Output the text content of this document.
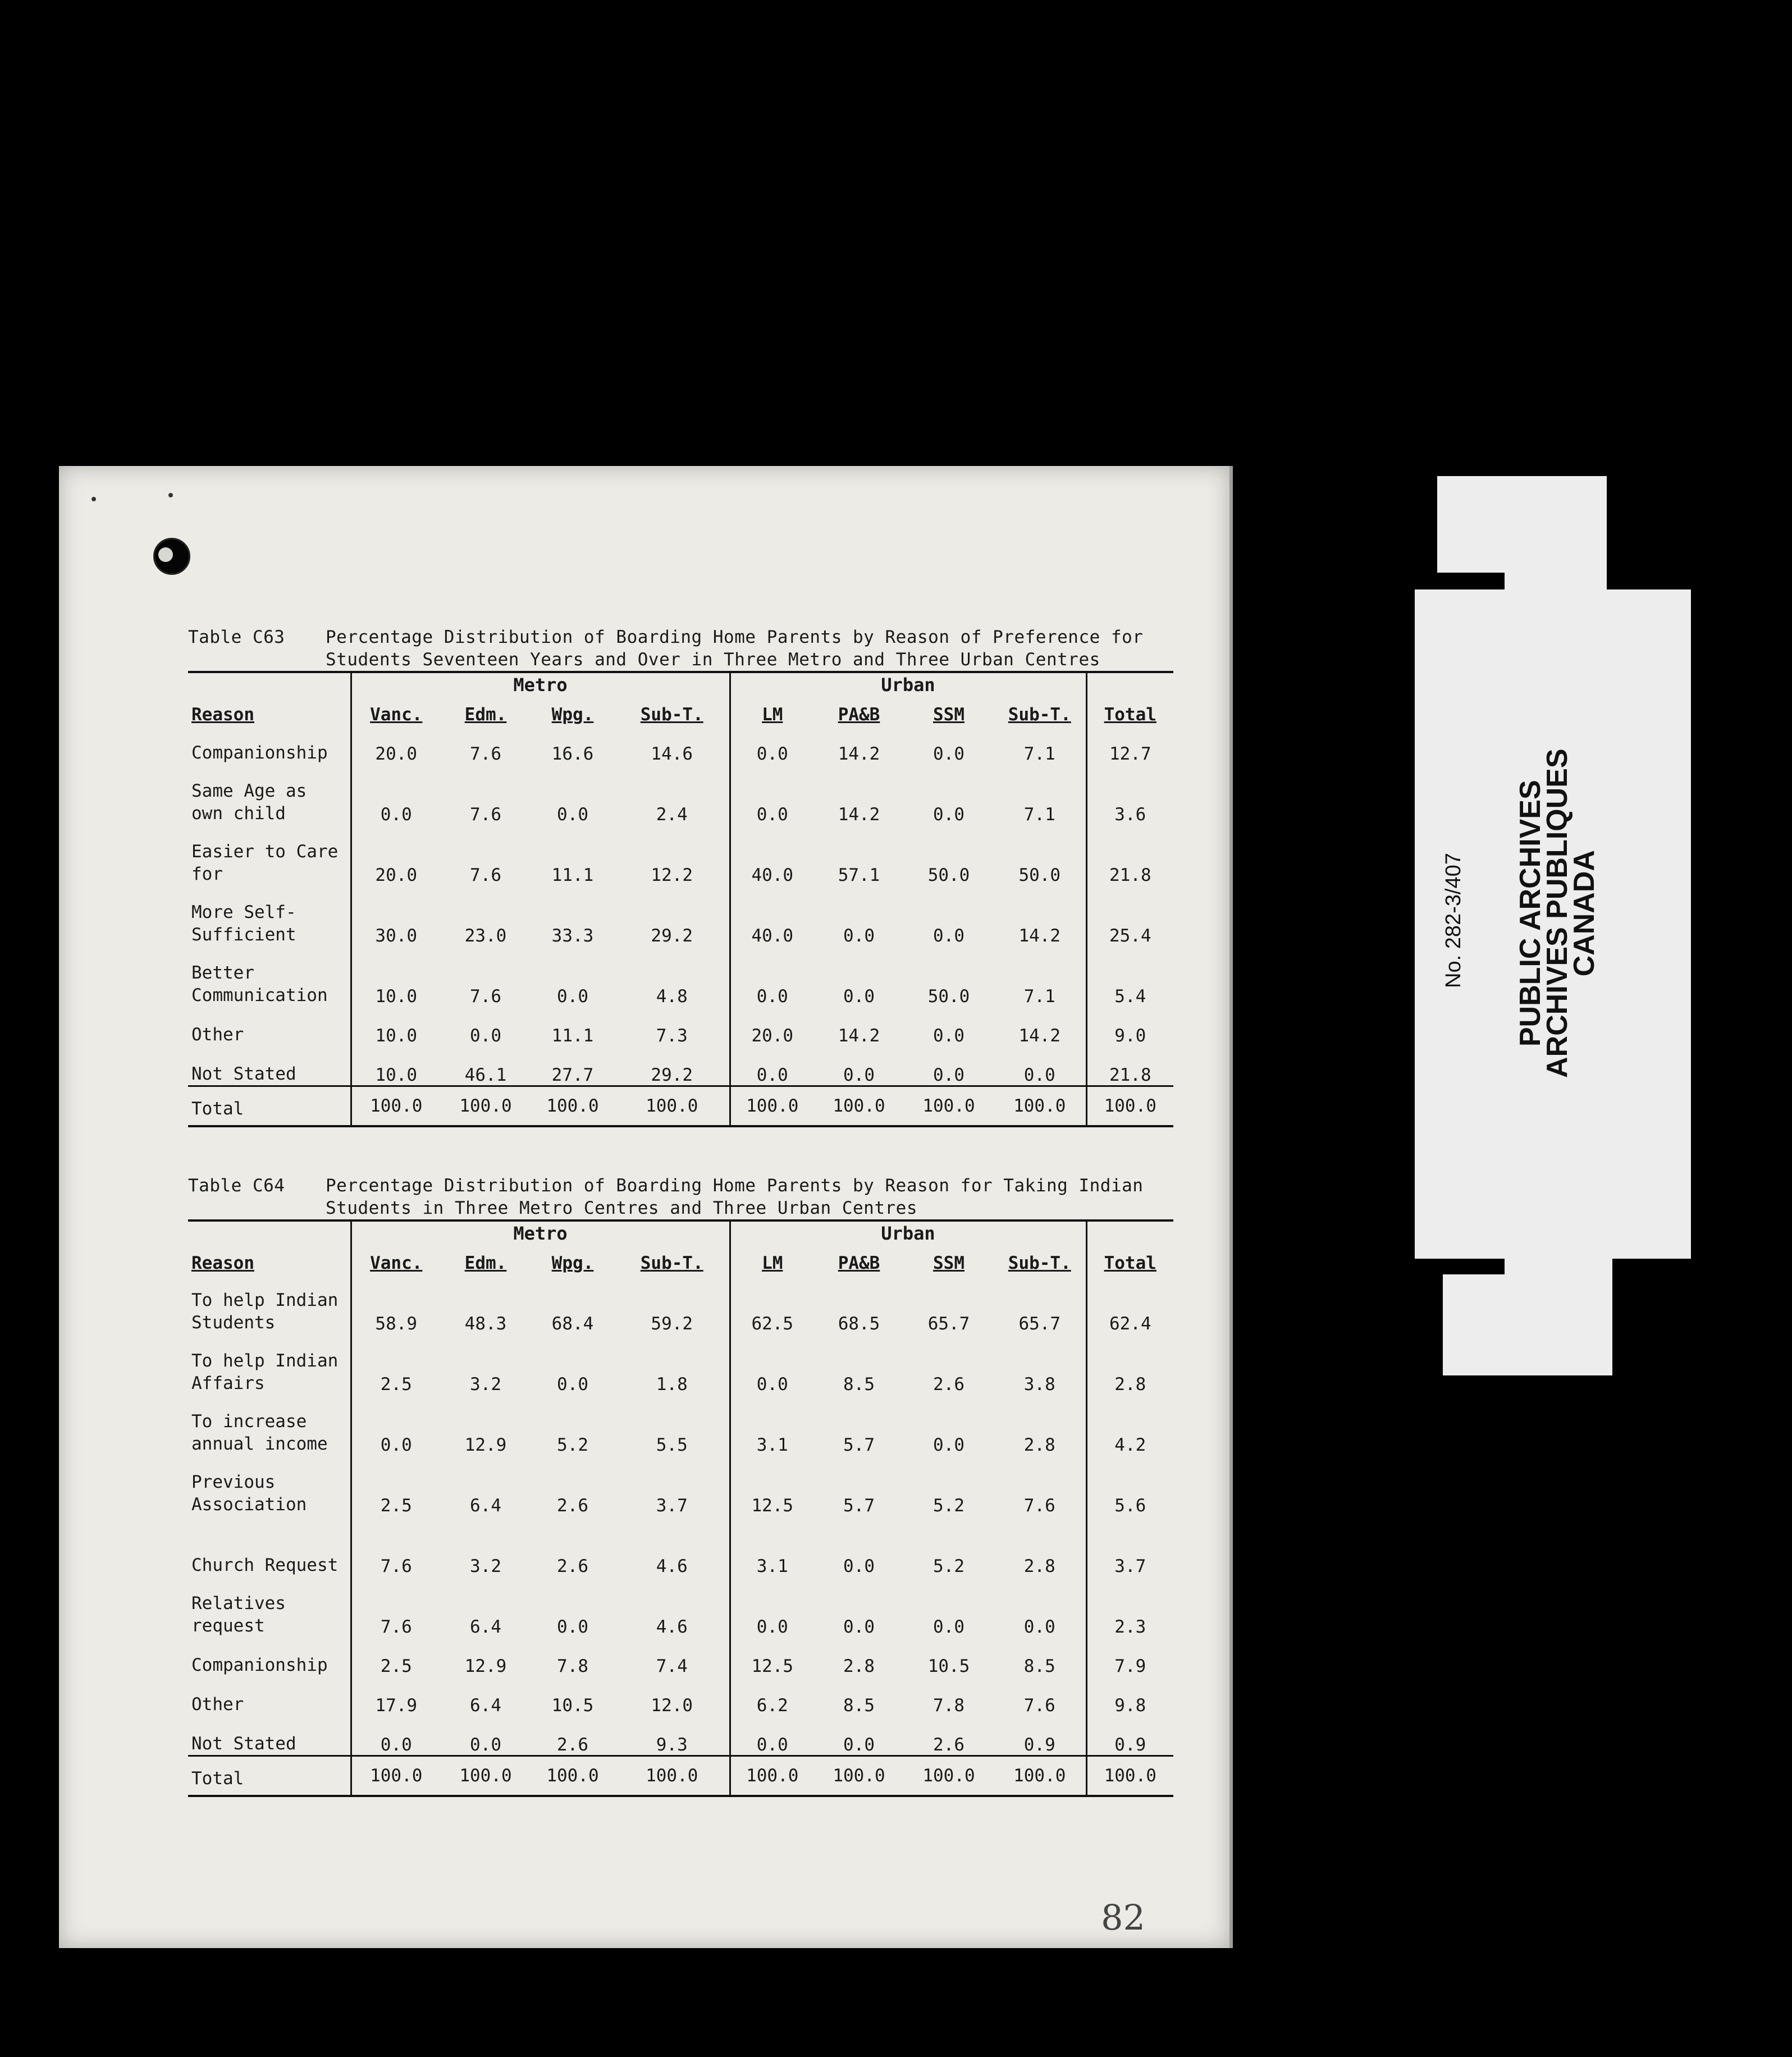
Table C63	Percentage Distribution of Boarding Home Parents by Reason of Preference for Students Seventeen Years and Over in Three Metro and Three Urban Centres
	Metro				Urban				
Reason	Vanc.	Edm.	Wpg.	Sub-T.	LM	PA&B	SSM	Sub-T.	Total
Companionship	20.0	7.6	16.6	14.6	0.0	14.2	0.0	7.1	12.7
Same Age as own child	0.0	7.6	0.0	2.4	0.0	14.2	0.0	7.1	3.6
Easier to Care for	20.0	7.6	11.1	12.2	40.0	57.1	50.0	50.0	21.8
More Self-Sufficient	30.0	23.0	33.3	29.2	40.0	0.0	0.0	14.2	25.4
Better Communication	10.0	7.6	0.0	4.8	0.0	0.0	50.0	7.1	5.4
Other	10.0	0.0	11.1	7.3	20.0	14.2	0.0	14.2	9.0
Not Stated	10.0	46.1	27.7	29.2	0.0	0.0	0.0	0.0	21.8
Total	100.0	100.0	100.0	100.0	100.0	100.0	100.0	100.0	100.0
Table C64	Percentage Distribution of Boarding Home Parents by Reason for Taking Indian Students in Three Metro Centres and Three Urban Centres
	Metro				Urban				
Reason	Vanc.	Edm.	Wpg.	Sub-T.	LM	PA&B	SSM	Sub-T.	Total
To help Indian Students	58.9	48.3	68.4	59.2	62.5	68.5	65.7	65.7	62.4
To help Indian Affairs	2.5	3.2	0.0	1.8	0.0	8.5	2.6	3.8	2.8
To increase annual income	0.0	12.9	5.2	5.5	3.1	5.7	0.0	2.8	4.2
Previous Association	2.5	6.4	2.6	3.7	12.5	5.7	5.2	7.6	5.6
Church Request	7.6	3.2	2.6	4.6	3.1	0.0	5.2	2.8	3.7
Relatives request	7.6	6.4	0.0	4.6	0.0	0.0	0.0	0.0	2.3
Companionship	2.5	12.9	7.8	7.4	12.5	2.8	10.5	8.5	7.9
Other	17.9	6.4	10.5	12.0	6.2	8.5	7.8	7.6	9.8
Not Stated	0.0	0.0	2.6	9.3	0.0	0.0	2.6	0.9	0.9
Total	100.0	100.0	100.0	100.0	100.0	100.0	100.0	100.0	100.0
82
No. 282-3/407 PUBLIC ARCHIVES
ARCHIVES PUBLIQUES
CANADA
